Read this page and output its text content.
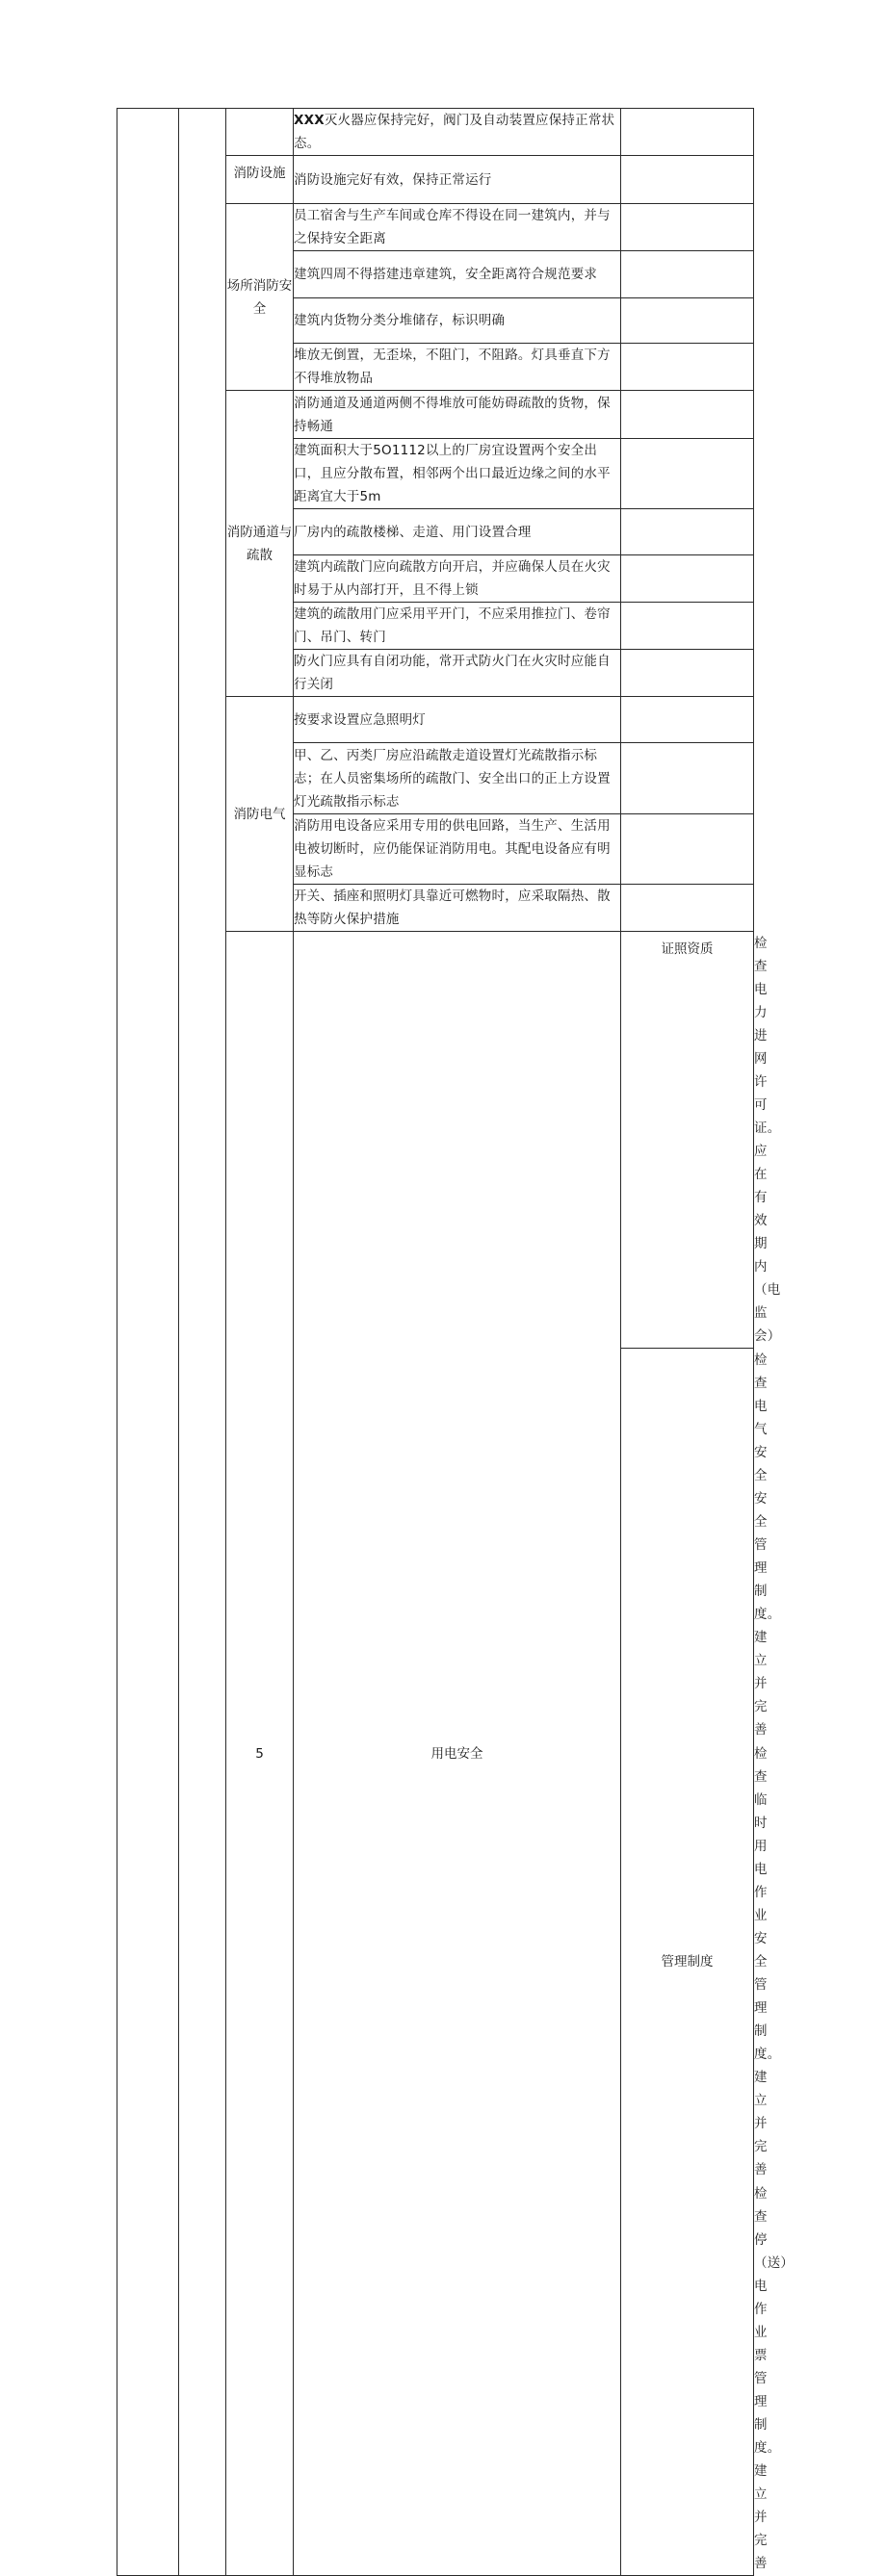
			XXX灭火器应保持完好，阀门及自动装置应保持正常状态。		
		消防设施	消防设施完好有效，保持正常运行		
		场所消防安全	员工宿舍与生产车间或仓库不得设在同一建筑内，并与之保持安全距离		
			建筑四周不得搭建违章建筑，安全距离符合规范要求		
			建筑内货物分类分堆储存，标识明确		
			堆放无倒置，无歪垛，不阻门，不阻路。灯具垂直下方不得堆放物品		
		消防通道与疏散	消防通道及通道两侧不得堆放可能妨碍疏散的货物，保持畅通		
			建筑面积大于5O1112以上的厂房宜设置两个安全出口，且应分散布置，相邻两个出口最近边缘之间的水平距离宜大于5m		
			厂房内的疏散楼梯、走道、用门设置合理		
			建筑内疏散门应向疏散方向开启，并应确保人员在火灾时易于从内部打开，且不得上锁		
			建筑的疏散用门应采用平开门，不应采用推拉门、卷帘门、吊门、转门		
			防火门应具有自闭功能，常开式防火门在火灾时应能自行关闭		
		消防电气	按要求设置应急照明灯		
			甲、乙、丙类厂房应沿疏散走道设置灯光疏散指示标志；在人员密集场所的疏散门、安全出口的正上方设置灯光疏散指示标志		
			消防用电设备应采用专用的供电回路，当生产、生活用电被切断时，应仍能保证消防用电。其配电设备应有明显标志		
			开关、插座和照明灯具靠近可燃物时，应采取隔热、散热等防火保护措施		
		5	用电安全	证照资质	检查电力进网许可证。应在有效期内（电监会）	
				管理制度	检查电气安全安全管理制度。建立并完善	
					检查临时用电作业安全管理制度。建立并完善	
					检查停（送）电作业票管理制度。建立并完善	
